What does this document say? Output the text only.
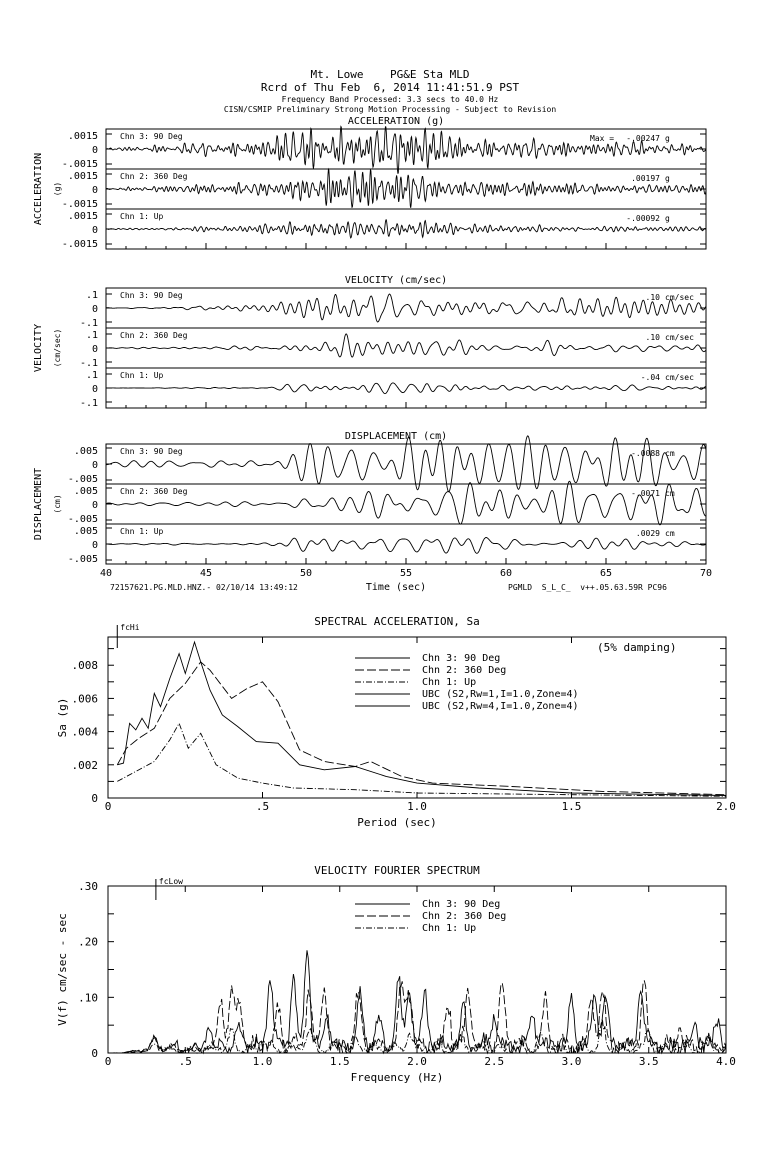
Mt. Lowe    PG&E Sta MLD
Rcrd of Thu Feb  6, 2014 11:41:51.9 PST
Frequency Band Processed: 3.3 secs to 40.0 Hz
CISN/CSMIP Preliminary Strong Motion Processing - Subject to Revision
ACCELERATION (g)
ACCELERATION (g)
.0015
0
-.0015
Chn 3: 90 Deg	Max = -.00247 g
.0015
0
-.0015
Chn 2: 360 Deg	.00197 g
.0015
0
-.0015
Chn 1: Up	-.00092 g
VELOCITY (cm/sec)
VELOCITY (cm/sec)
.1
0
-.1
Chn 3: 90 Deg	.10 cm/sec
.1
0
-.1
Chn 2: 360 Deg	.10 cm/sec
.1
0
-.1
Chn 1: Up	-.04 cm/sec
DISPLACEMENT (cm)
DISPLACEMENT (cm)
.005
0
-.005
Chn 3: 90 Deg	-.0088 cm
.005
0
-.005
Chn 2: 360 Deg	-.0071 cm
.005
0
-.005
Chn 1: Up	.0029 cm
40	45	50	55	60	65	70
SPECTRAL ACCELERATION, Sa
0	.5	1.0	1.5	2.0
0
.002
.004
.006
.008
Period (sec)
Sa (g)
fcHi
(5% damping)
Chn 3: 90 Deg
Chn 2: 360 Deg
Chn 1: Up
UBC (S2,Rw=1,I=1.0,Zone=4)
UBC (S2,Rw=4,I=1.0,Zone=4)
VELOCITY FOURIER SPECTRUM
0	.5	1.0	1.5	2.0	2.5	3.0	3.5	4.0
0
.10
.20
.30
Frequency (Hz)
V(f) cm/sec - sec
fcLow
Chn 3: 90 Deg
Chn 2: 360 Deg
Chn 1: Up
Time (sec)
72157621.PG.MLD.HNZ.- 02/10/14 13:49:12	PGMLD  S_L_C_  v++.05.63.59R PC96
